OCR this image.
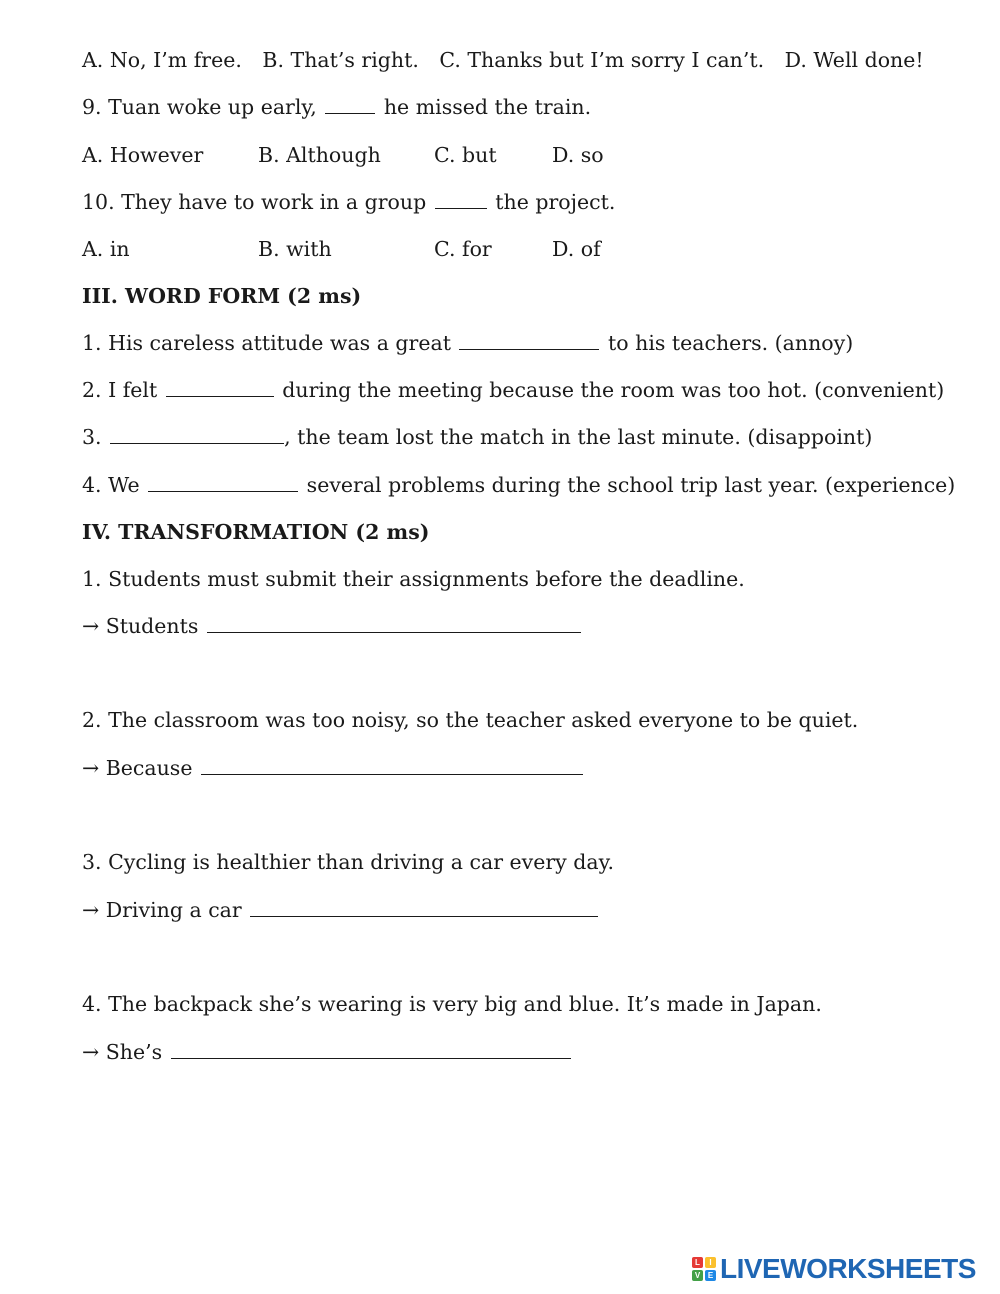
A. No, I’m free. B. That’s right. C. Thanks but I’m sorry I can’t. D. Well done!
9. Tuan woke up early,	he missed the train.
A. However	B. Although	C. but	D. so
10. They have to work in a group	the project.
A. in	B. with	C. for	D. of
III. WORD FORM (2 ms)
1. His careless attitude was a great	to his teachers. (annoy)
2. I felt	during the meeting because the room was too hot. (convenient)
3.	, the team lost the match in the last minute. (disappoint)
4. We	several problems during the school trip last year. (experience)
IV. TRANSFORMATION (2 ms)
1. Students must submit their assignments before the deadline.
→ Students
2. The classroom was too noisy, so the teacher asked everyone to be quiet.
→ Because
3. Cycling is healthier than driving a car every day.
→ Driving a car
4. The backpack she’s wearing is very big and blue. It’s made in Japan.
→ She’s
L	I
V E LIVEWORKSHEETS
